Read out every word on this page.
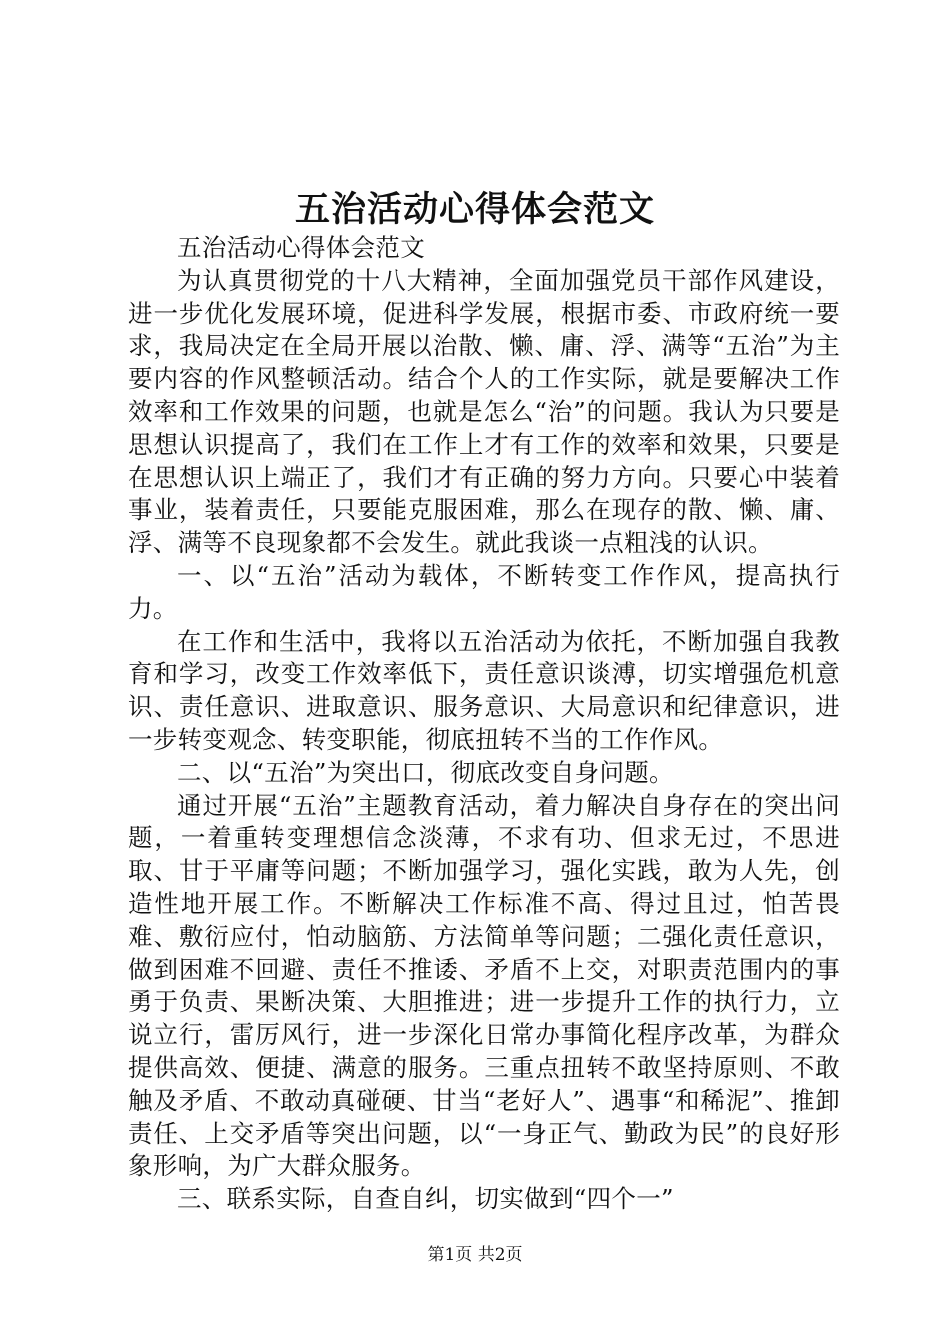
五治活动心得体会范文

五治活动心得体会范文

为认真贯彻党的十八大精神，全面加强党员干部作风建设，进一步优化发展环境，促进科学发展，根据市委、市政府统一要求，我局决定在全局开展以治散、懒、庸、浮、满等“五治”为主要内容的作风整顿活动。结合个人的工作实际，就是要解决工作效率和工作效果的问题，也就是怎么“治”的问题。我认为只要是思想认识提高了，我们在工作上才有工作的效率和效果，只要是在思想认识上端正了，我们才有正确的努力方向。只要心中装着事业，装着责任，只要能克服困难，那么在现存的散、懒、庸、浮、满等不良现象都不会发生。就此我谈一点粗浅的认识。

一、以“五治”活动为载体，不断转变工作作风，提高执行力。

在工作和生活中，我将以五治活动为依托，不断加强自我教育和学习，改变工作效率低下，责任意识谈溥，切实增强危机意识、责任意识、进取意识、服务意识、大局意识和纪律意识，进一步转变观念、转变职能，彻底扭转不当的工作作风。

二、以“五治”为突出口，彻底改变自身问题。

通过开展“五治”主题教育活动，着力解决自身存在的突出问题，一着重转变理想信念淡薄，不求有功、但求无过，不思进取、甘于平庸等问题；不断加强学习，强化实践，敢为人先，创造性地开展工作。不断解决工作标准不高、得过且过，怕苦畏难、敷衍应付，怕动脑筋、方法简单等问题；二强化责任意识，做到困难不回避、责任不推诿、矛盾不上交，对职责范围内的事勇于负责、果断决策、大胆推进；进一步提升工作的执行力，立说立行，雷厉风行，进一步深化日常办事简化程序改革，为群众提供高效、便捷、满意的服务。三重点扭转不敢坚持原则、不敢触及矛盾、不敢动真碰硬、甘当“老好人”、遇事“和稀泥”、推卸责任、上交矛盾等突出问题，以“一身正气、勤政为民”的良好形象形响，为广大群众服务。

三、联系实际，自查自纠，切实做到“四个一”

第1页 共2页
